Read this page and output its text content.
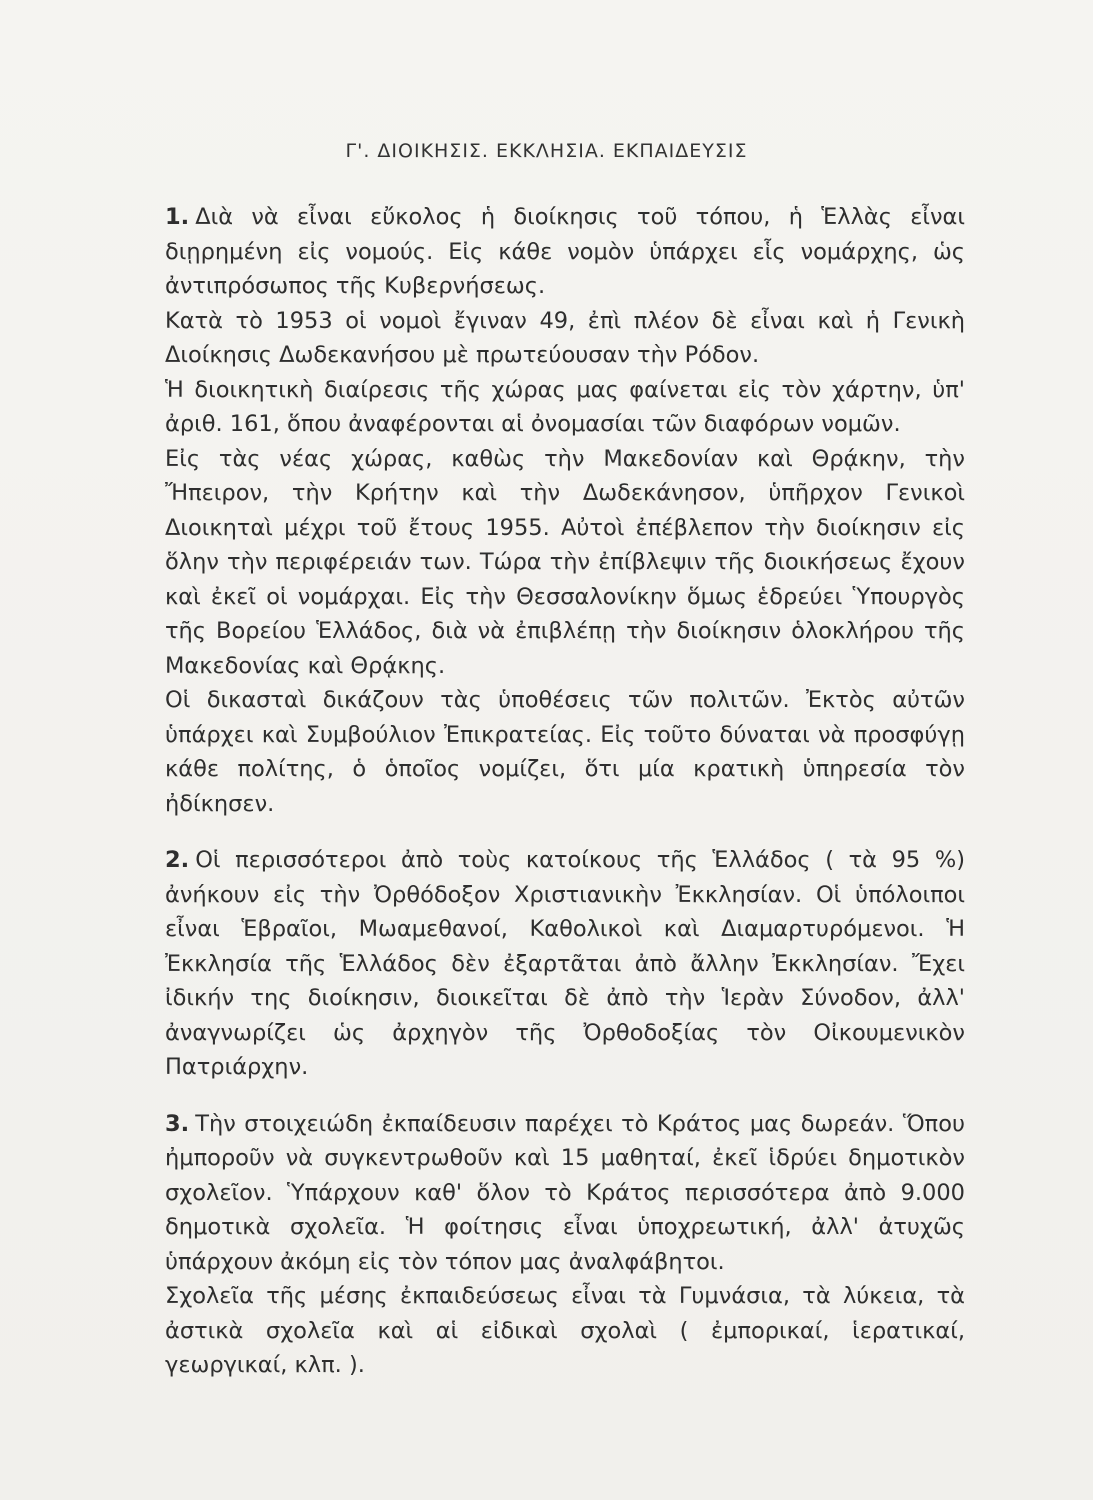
Γ'. ΔΙΟΙΚΗΣΙΣ. ΕΚΚΛΗΣΙΑ. ΕΚΠΑΙΔΕΥΣΙΣ

1. Διὰ νὰ εἶναι εὔκολος ἡ διοίκησις τοῦ τόπου, ἡ Ἑλλὰς εἶναι διῃρημένη εἰς νομούς. Εἰς κάθε νομὸν ὑπάρχει εἷς νομάρχης, ὡς ἀντιπρόσωπος τῆς Κυβερνήσεως.

Κατὰ τὸ 1953 οἱ νομοὶ ἔγιναν 49, ἐπὶ πλέον δὲ εἶναι καὶ ἡ Γενικὴ Διοίκησις Δωδεκανήσου μὲ πρωτεύουσαν τὴν Ρόδον.

Ἡ διοικητικὴ διαίρεσις τῆς χώρας μας φαίνεται εἰς τὸν χάρτην, ὑπ' ἀριθ. 161, ὅπου ἀναφέρονται αἱ ὀνομασίαι τῶν διαφόρων νομῶν.

Εἰς τὰς νέας χώρας, καθὼς τὴν Μακεδονίαν καὶ Θρᾴκην, τὴν Ἤπειρον, τὴν Κρήτην καὶ τὴν Δωδεκάνησον, ὑπῆρχον Γενικοὶ Διοικηταὶ μέχρι τοῦ ἔτους 1955. Αὐτοὶ ἐπέβλεπον τὴν διοίκησιν εἰς ὅλην τὴν περιφέρειάν των. Τώρα τὴν ἐπίβλεψιν τῆς διοικήσεως ἔχουν καὶ ἐκεῖ οἱ νομάρχαι. Εἰς τὴν Θεσσαλονίκην ὅμως ἑδρεύει Ὑπουργὸς τῆς Βορείου Ἑλλάδος, διὰ νὰ ἐπιβλέπῃ τὴν διοίκησιν ὁλοκλήρου τῆς Μακεδονίας καὶ Θρᾴκης.

Οἱ δικασταὶ δικάζουν τὰς ὑποθέσεις τῶν πολιτῶν. Ἐκτὸς αὐτῶν ὑπάρχει καὶ Συμβούλιον Ἐπικρατείας. Εἰς τοῦτο δύναται νὰ προσφύγῃ κάθε πολίτης, ὁ ὁποῖος νομίζει, ὅτι μία κρατικὴ ὑπηρεσία τὸν ἠδίκησεν.

2. Οἱ περισσότεροι ἀπὸ τοὺς κατοίκους τῆς Ἑλλάδος ( τὰ 95 %) ἀνήκουν εἰς τὴν Ὀρθόδοξον Χριστιανικὴν Ἐκκλησίαν. Οἱ ὑπόλοιποι εἶναι Ἑβραῖοι, Μωαμεθανοί, Καθολικοὶ καὶ Διαμαρτυρόμενοι. Ἡ Ἐκκλησία τῆς Ἑλλάδος δὲν ἐξαρτᾶται ἀπὸ ἄλλην Ἐκκλησίαν. Ἔχει ἰδικήν της διοίκησιν, διοικεῖται δὲ ἀπὸ τὴν Ἱερὰν Σύνοδον, ἀλλ' ἀναγνωρίζει ὡς ἀρχηγὸν τῆς Ὀρθοδοξίας τὸν Οἰκουμενικὸν Πατριάρχην.

3. Τὴν στοιχειώδη ἐκπαίδευσιν παρέχει τὸ Κράτος μας δωρεάν. Ὅπου ἠμποροῦν νὰ συγκεντρωθοῦν καὶ 15 μαθηταί, ἐκεῖ ἱδρύει δημοτικὸν σχολεῖον. Ὑπάρχουν καθ' ὅλον τὸ Κράτος περισσότερα ἀπὸ 9.000 δημοτικὰ σχολεῖα. Ἡ φοίτησις εἶναι ὑποχρεωτική, ἀλλ' ἀτυχῶς ὑπάρχουν ἀκόμη εἰς τὸν τόπον μας ἀναλφάβητοι.

Σχολεῖα τῆς μέσης ἐκπαιδεύσεως εἶναι τὰ Γυμνάσια, τὰ λύκεια, τὰ ἀστικὰ σχολεῖα καὶ αἱ εἰδικαὶ σχολαὶ ( ἐμπορικαί, ἱερατικαί, γεωργικαί, κλπ. ).
